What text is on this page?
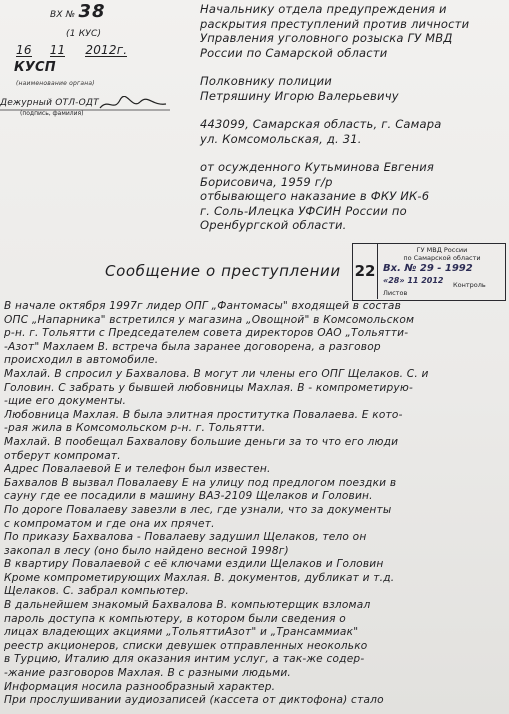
ВХ № 38
(1 КУС)
16 11 2012г.
КУСП
(наименование органа)
Дежурный ОТЛ-ОДТ
(подпись, фамилия)

Начальнику отдела предупреждения и

раскрытия преступлений против личности

Управления уголовного розыска ГУ МВД

России по Самарской области

Полковнику полиции

Петряшину Игорю Валерьевичу

443099, Самарская область, г. Самара

ул. Комсомольская, д. 31.

от осужденного Кутьминова Евгения

Борисовича, 1959 г/р

отбывающего наказание в ФКУ ИК-6

г. Соль-Илецка УФСИН России по

Оренбургской области.

22
ГУ МВД России
по Самарской области
Вх. № 29 - 1992
«28» 11 2012 Контроль
Листов
Сообщение о преступлении

В начале октября 1997г лидер ОПГ „Фантомасы" входящей в состав

ОПС „Напарника" встретился у магазина „Овощной" в Комсомольском

р-н. г. Тольятти с Председателем совета директоров ОАО „Тольятти-

-Азот" Махлаем В. встреча была заранее договорена, а разговор

происходил в автомобиле.

Махлай. В спросил у Бахвалова. В могут ли члены его ОПГ Щелаков. С. и

Головин. С забрать у бывшей любовницы Махлая. В - компрометирую-

-щие его документы.

Любовница Махлая. В была элитная проститутка Повалаева. Е кото-

-рая жила в Комсомольском р-н. г. Тольятти.

Махлай. В пообещал Бахвалову большие деньги за то что его люди

отберут компромат.

Адрес Повалаевой Е и телефон был известен.

Бахвалов В вызвал Повалаеву Е на улицу под предлогом поездки в

сауну где ее посадили в машину ВАЗ-2109 Щелаков и Головин.

По дороге Повалаеву завезли в лес, где узнали, что за документы

с компроматом и где она их прячет.

По приказу Бахвалова - Повалаеву задушил Щелаков, тело он

закопал в лесу (оно было найдено весной 1998г)

В квартиру Повалаевой с её ключами ездили Щелаков и Головин

Кроме компрометирующих Махлая. В. документов, дубликат и т.д.

Щелаков. С. забрал компьютер.

В дальнейшем знакомый Бахвалова В. компьютерщик взломал

пароль доступа к компьютеру, в котором были сведения о

лицах владеющих акциями „ТольяттиАзот" и „Трансаммиак"

реестр акционеров, списки девушек отправленных неоколько

в Турцию, Италию для оказания интим услуг, а так-же содер-

-жание разговоров Махлая. В с разными людьми.

Информация носила разнообразный характер.

При прослушивании аудиозаписей (кассета от диктофона) стало
